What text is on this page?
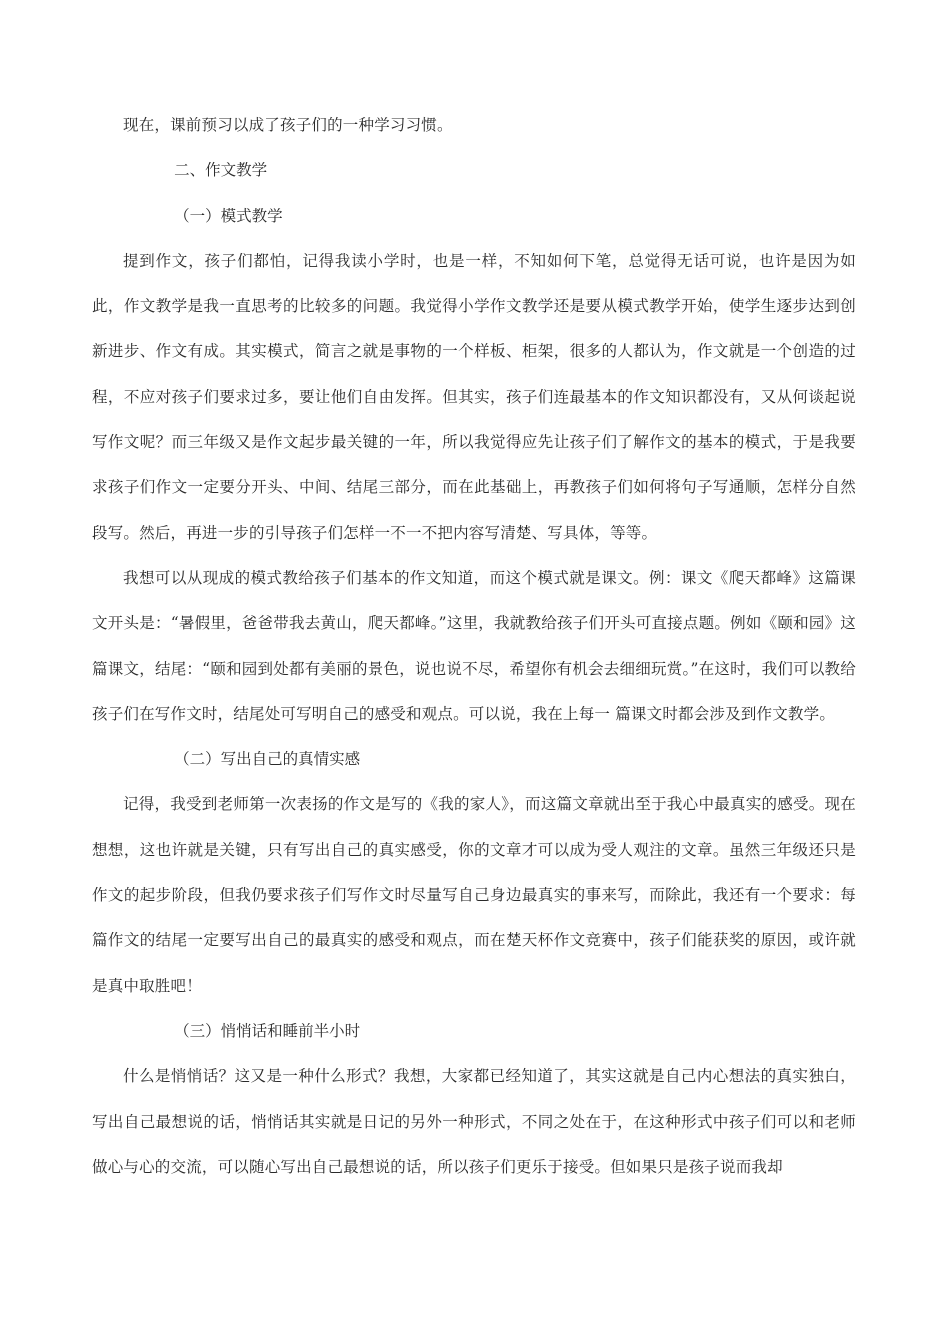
现在，课前预习以成了孩子们的一种学习习惯。

二、作文教学

（一）模式教学

提到作文，孩子们都怕，记得我读小学时，也是一样，不知如何下笔，总觉得无话可说，也许是因为如此，作文教学是我一直思考的比较多的问题。我觉得小学作文教学还是要从模式教学开始，使学生逐步达到创新进步、作文有成。其实模式，简言之就是事物的一个样板、柜架，很多的人都认为，作文就是一个创造的过程，不应对孩子们要求过多，要让他们自由发挥。但其实，孩子们连最基本的作文知识都没有，又从何谈起说写作文呢？而三年级又是作文起步最关键的一年，所以我觉得应先让孩子们了解作文的基本的模式，于是我要求孩子们作文一定要分开头、中间、结尾三部分，而在此基础上，再教孩子们如何将句子写通顺，怎样分自然段写。然后，再进一步的引导孩子们怎样一不一不把内容写清楚、写具体，等等。

我想可以从现成的模式教给孩子们基本的作文知道，而这个模式就是课文。例：课文《爬天都峰》这篇课文开头是：“暑假里，爸爸带我去黄山，爬天都峰。”这里，我就教给孩子们开头可直接点题。例如《颐和园》这篇课文，结尾：“颐和园到处都有美丽的景色，说也说不尽，希望你有机会去细细玩赏。”在这时，我们可以教给孩子们在写作文时，结尾处可写明自己的感受和观点。可以说，我在上每一 篇课文时都会涉及到作文教学。

（二）写出自己的真情实感

记得，我受到老师第一次表扬的作文是写的《我的家人》，而这篇文章就出至于我心中最真实的感受。现在想想，这也许就是关键，只有写出自己的真实感受，你的文章才可以成为受人观注的文章。虽然三年级还只是作文的起步阶段，但我仍要求孩子们写作文时尽量写自己身边最真实的事来写，而除此，我还有一个要求：每篇作文的结尾一定要写出自己的最真实的感受和观点，而在楚天杯作文竞赛中，孩子们能获奖的原因，或许就是真中取胜吧！

（三）悄悄话和睡前半小时

什么是悄悄话？这又是一种什么形式？我想，大家都已经知道了，其实这就是自己内心想法的真实独白，写出自己最想说的话，悄悄话其实就是日记的另外一种形式，不同之处在于，在这种形式中孩子们可以和老师做心与心的交流，可以随心写出自己最想说的话，所以孩子们更乐于接受。但如果只是孩子说而我却
